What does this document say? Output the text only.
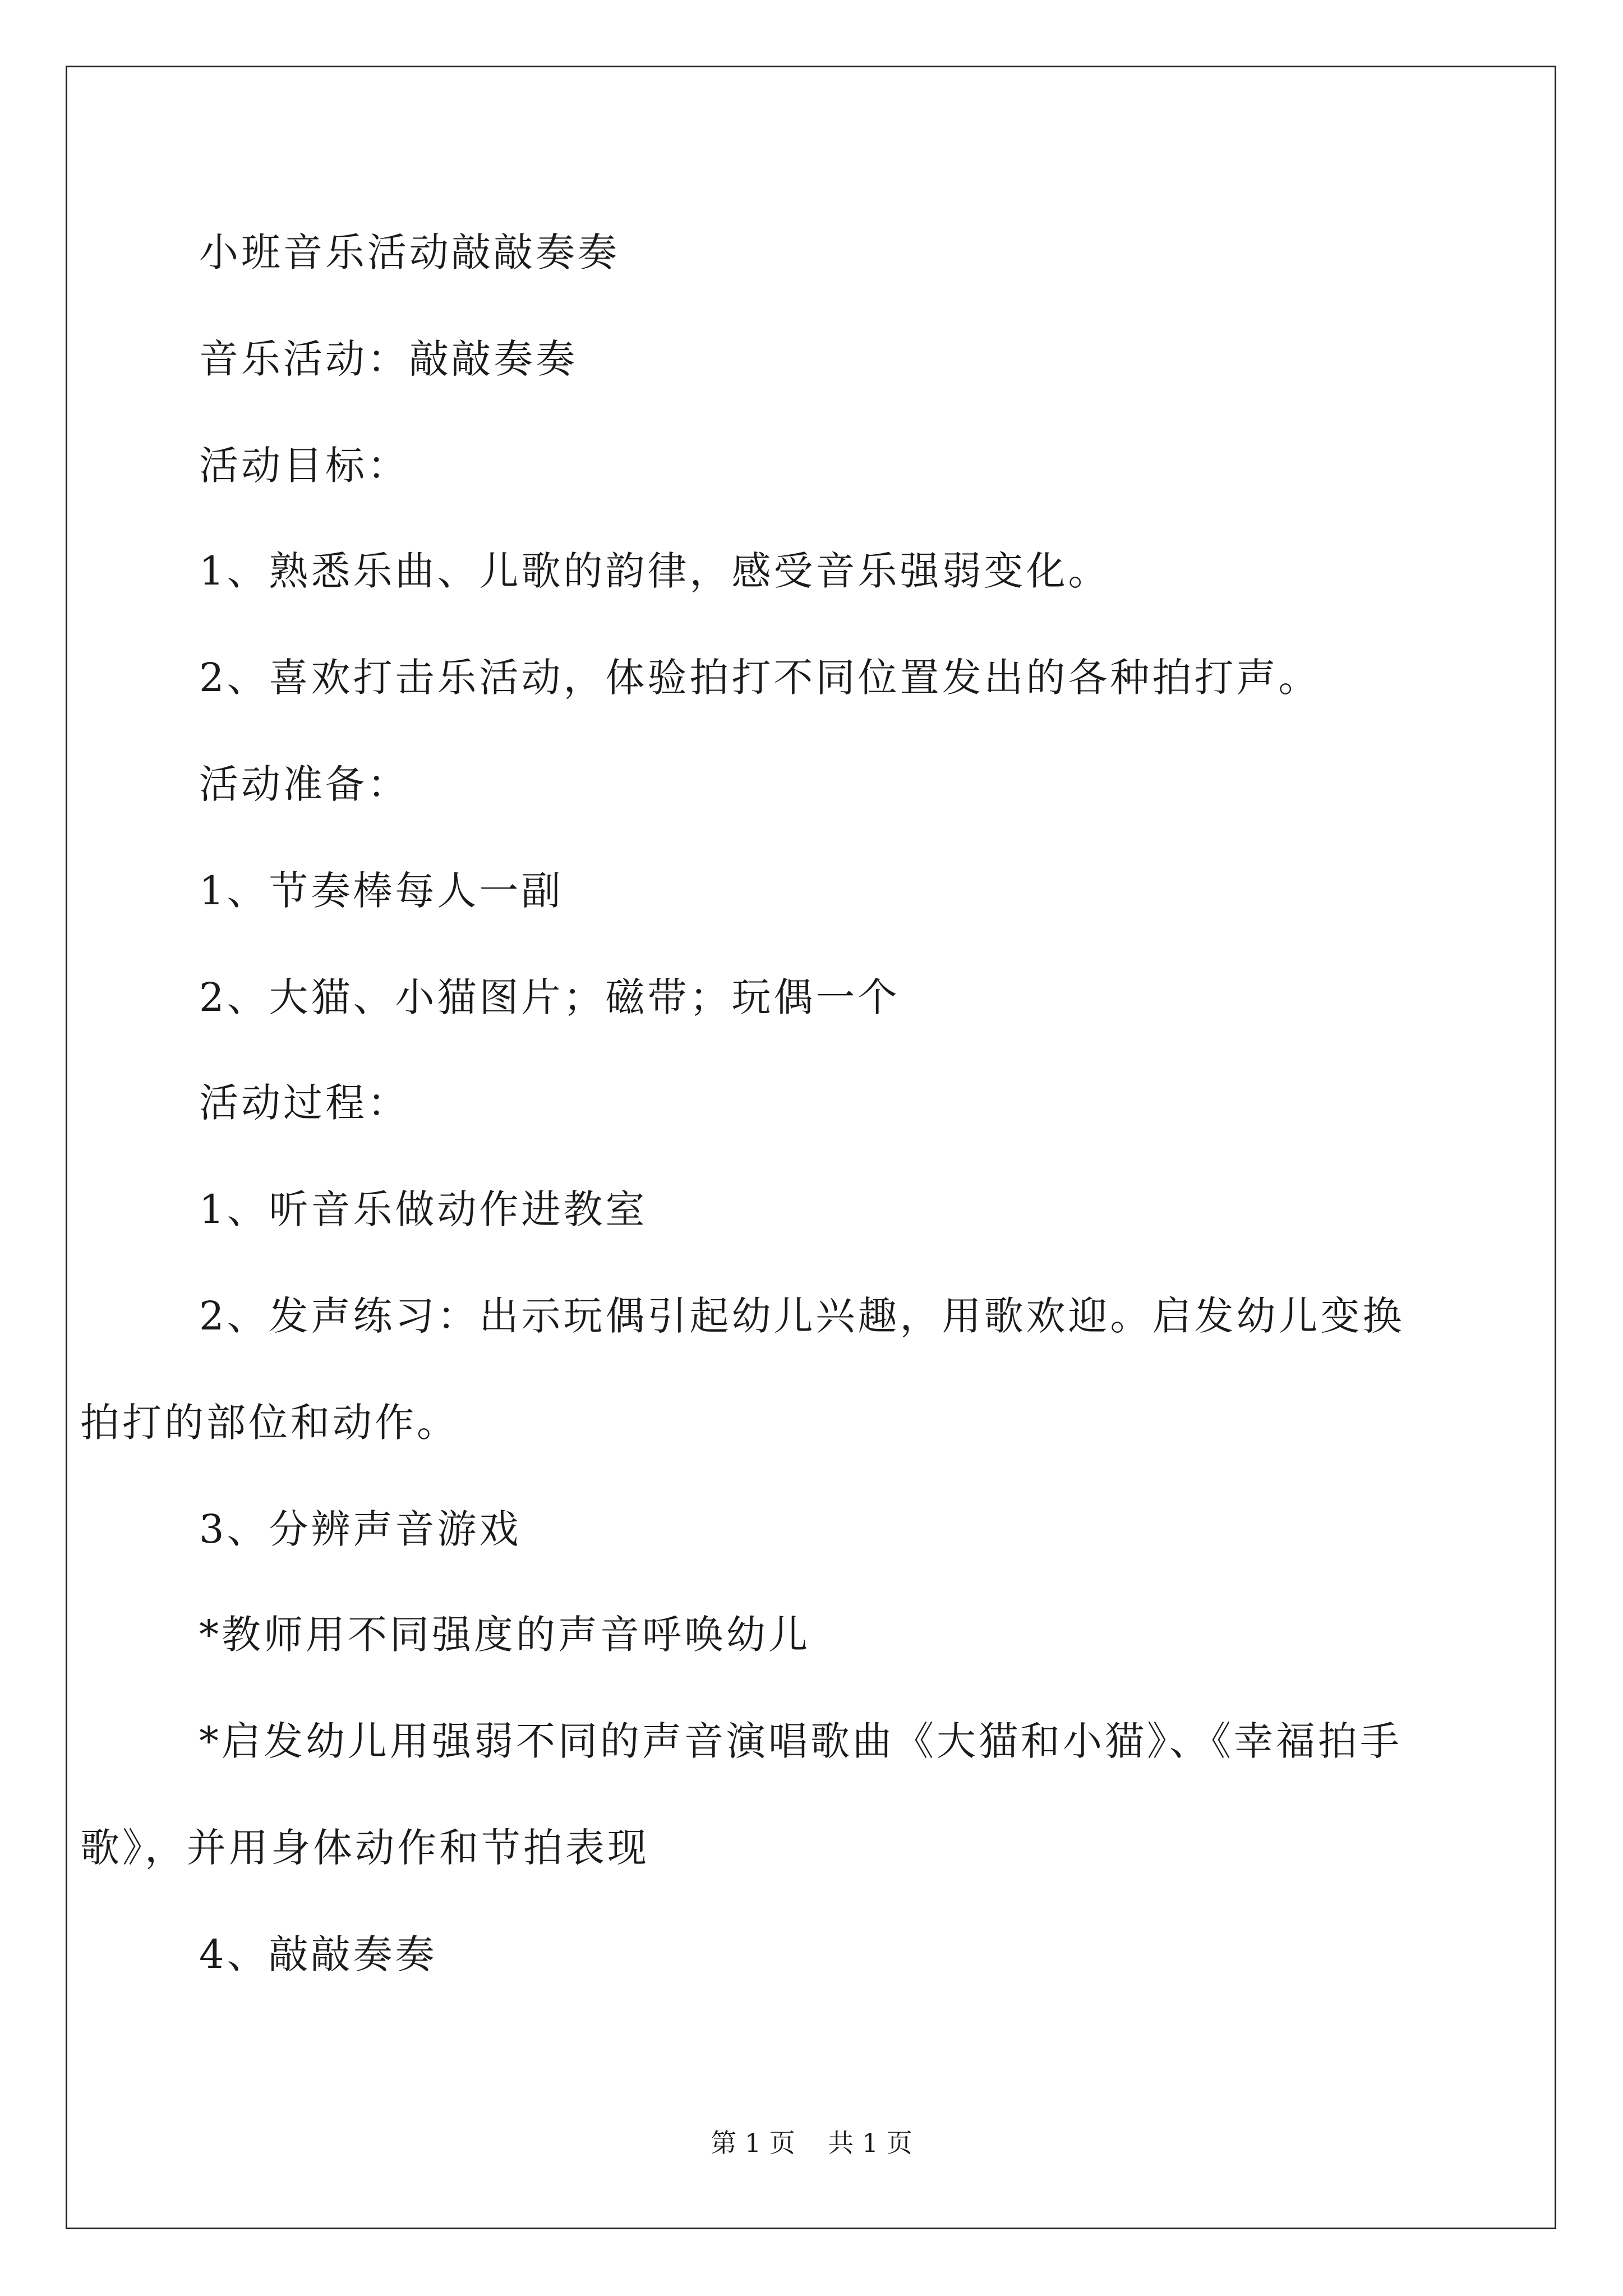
小班音乐活动敲敲奏奏
音乐活动：敲敲奏奏
活动目标：
1、熟悉乐曲、儿歌的韵律，感受音乐强弱变化。
2、喜欢打击乐活动，体验拍打不同位置发出的各种拍打声。
活动准备：
1、节奏棒每人一副
2、大猫、小猫图片；磁带；玩偶一个
活动过程：
1、听音乐做动作进教室
2、发声练习：出示玩偶引起幼儿兴趣，用歌欢迎。启发幼儿变换
拍打的部位和动作。
3、分辨声音游戏
*教师用不同强度的声音呼唤幼儿
*启发幼儿用强弱不同的声音演唱歌曲《大猫和小猫》、《幸福拍手
歌》，并用身体动作和节拍表现
4、敲敲奏奏
第 1 页    共 1 页
